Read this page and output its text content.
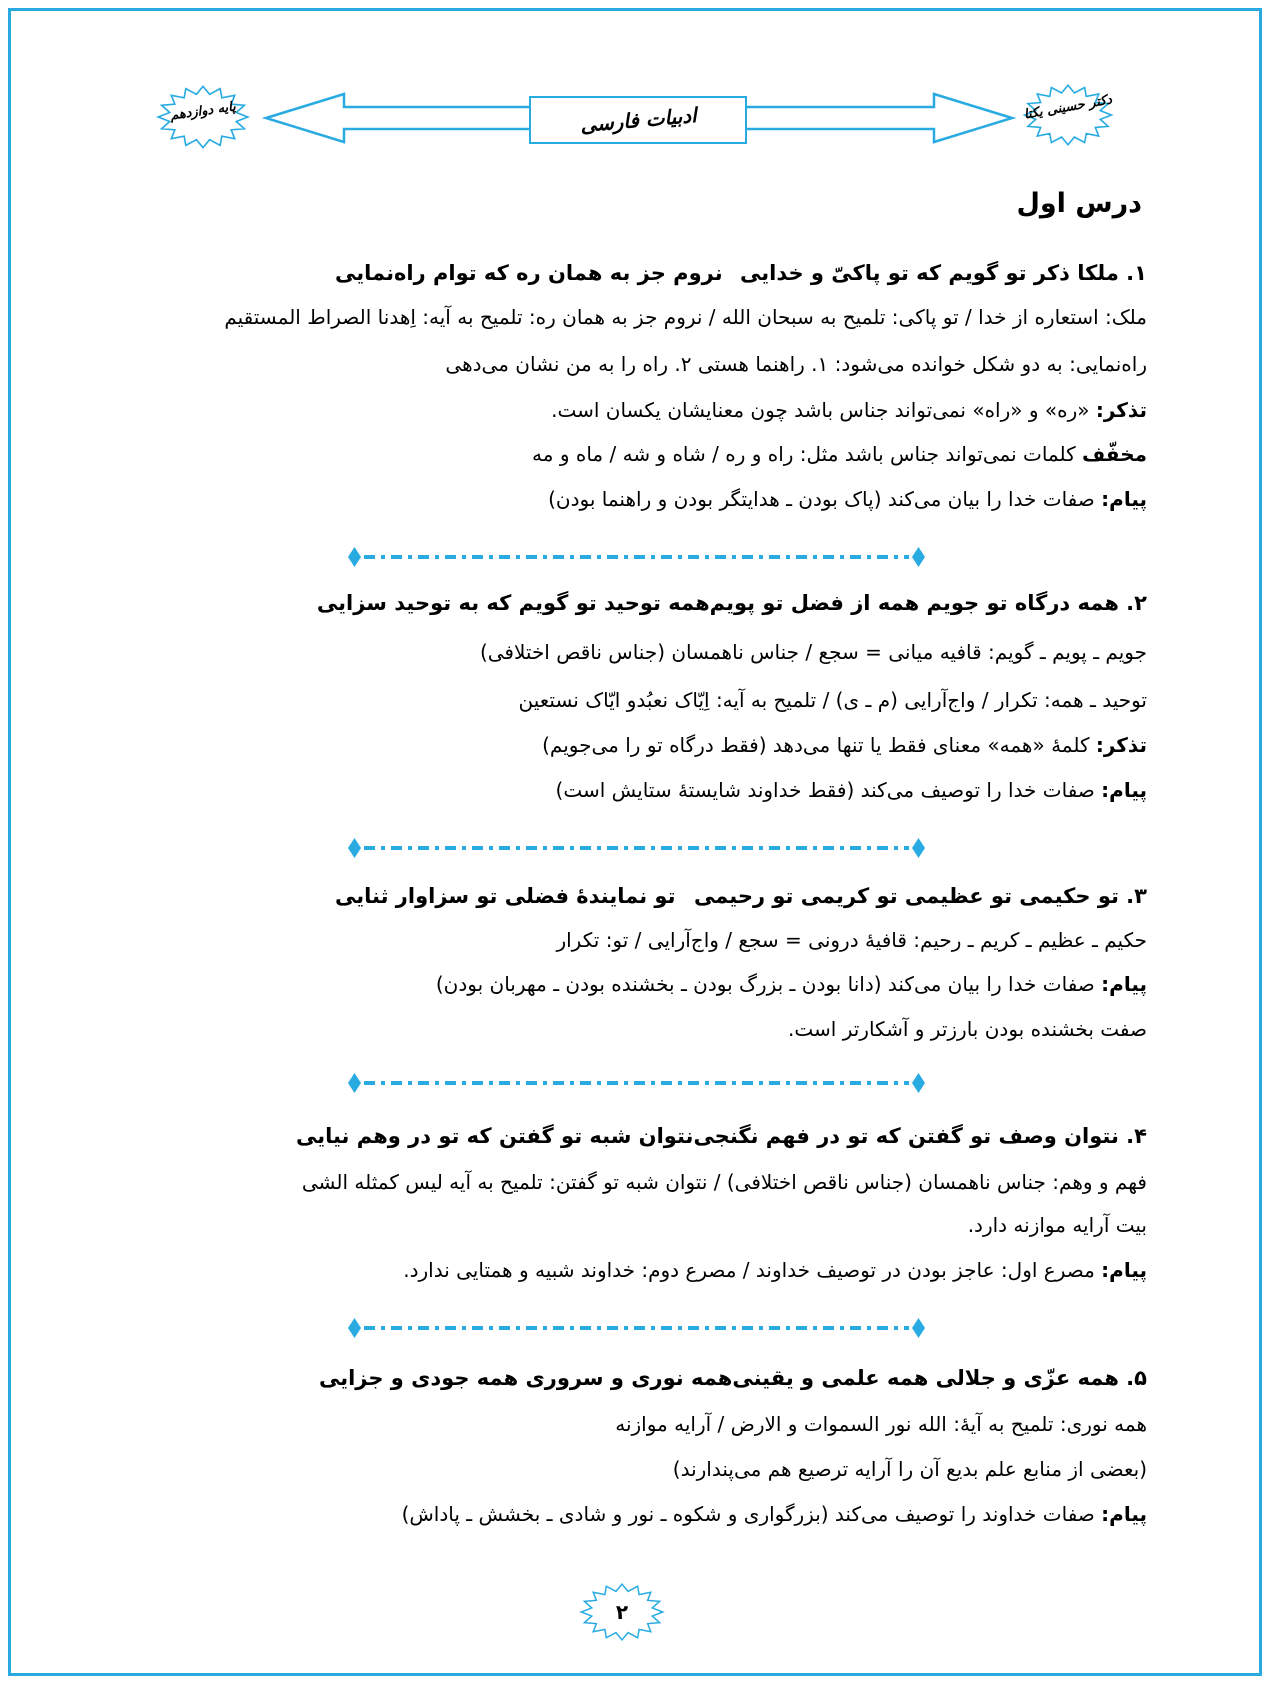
پایه دوازدهم	ادبیات فارسی	دکتر حسینی یکتا
درس اول
۱. ملکا ذکر تو گویم که تو پاکیّ و خدایی
نروم جز به همان ره که توام راه‌نمایی
ملک: استعاره از خدا / تو پاکی: تلمیح به سبحان الله / نروم جز به همان ره: تلمیح به آیه: اِهدنا الصراط المستقیم
راه‌نمایی: به دو شکل خوانده می‌شود: ۱. راهنما هستی ۲. راه را به من نشان می‌دهی
تذکر: «ره» و «راه» نمی‌تواند جناس باشد چون معنایشان یکسان است.
مخفّف کلمات نمی‌تواند جناس باشد مثل: راه و ره / شاه و شه / ماه و مه
پیام: صفات خدا را بیان می‌کند (پاک بودن ـ هدایتگر بودن و راهنما بودن)
۲. همه درگاه تو جویم همه از فضل تو پویم
همه توحید تو گویم که به توحید سزایی
جویم ـ پویم ـ گویم: قافیه میانی = سجع / جناس ناهمسان (جناس ناقص اختلافی)
توحید ـ همه: تکرار / واج‌آرایی (م ـ ی) / تلمیح به آیه: اِیّاک نعبُدو ایّاک نستعین
تذکر: کلمهٔ «همه» معنای فقط یا تنها می‌دهد (فقط درگاه تو را می‌جویم)
پیام: صفات خدا را توصیف می‌کند (فقط خداوند شایستهٔ ستایش است)
۳. تو حکیمی تو عظیمی تو کریمی تو رحیمی
تو نمایندهٔ فضلی تو سزاوار ثنایی
حکیم ـ عظیم ـ کریم ـ رحیم: قافیهٔ درونی = سجع / واج‌آرایی / تو: تکرار
پیام: صفات خدا را بیان می‌کند (دانا بودن ـ بزرگ بودن ـ بخشنده بودن ـ مهربان بودن)
صفت بخشنده بودن بارزتر و آشکارتر است.
۴. نتوان وصف تو گفتن که تو در فهم نگنجی
نتوان شبه تو گفتن که تو در وهم نیایی
فهم و وهم: جناس ناهمسان (جناس ناقص اختلافی) / نتوان شبه تو گفتن: تلمیح به آیه لیس کمثله الشی
بیت آرایه موازنه دارد.
پیام: مصرع اول: عاجز بودن در توصیف خداوند / مصرع دوم: خداوند شبیه و همتایی ندارد.
۵. همه عزّی و جلالی همه علمی و یقینی
همه نوری و سروری همه جودی و جزایی
همه نوری: تلمیح به آیهٔ: الله نور السموات و الارض / آرایه موازنه
(بعضی از منابع علم بدیع آن را آرایه ترصیع هم می‌پندارند)
پیام: صفات خداوند را توصیف می‌کند (بزرگواری و شکوه ـ نور و شادی ـ بخشش ـ پاداش)
۲
